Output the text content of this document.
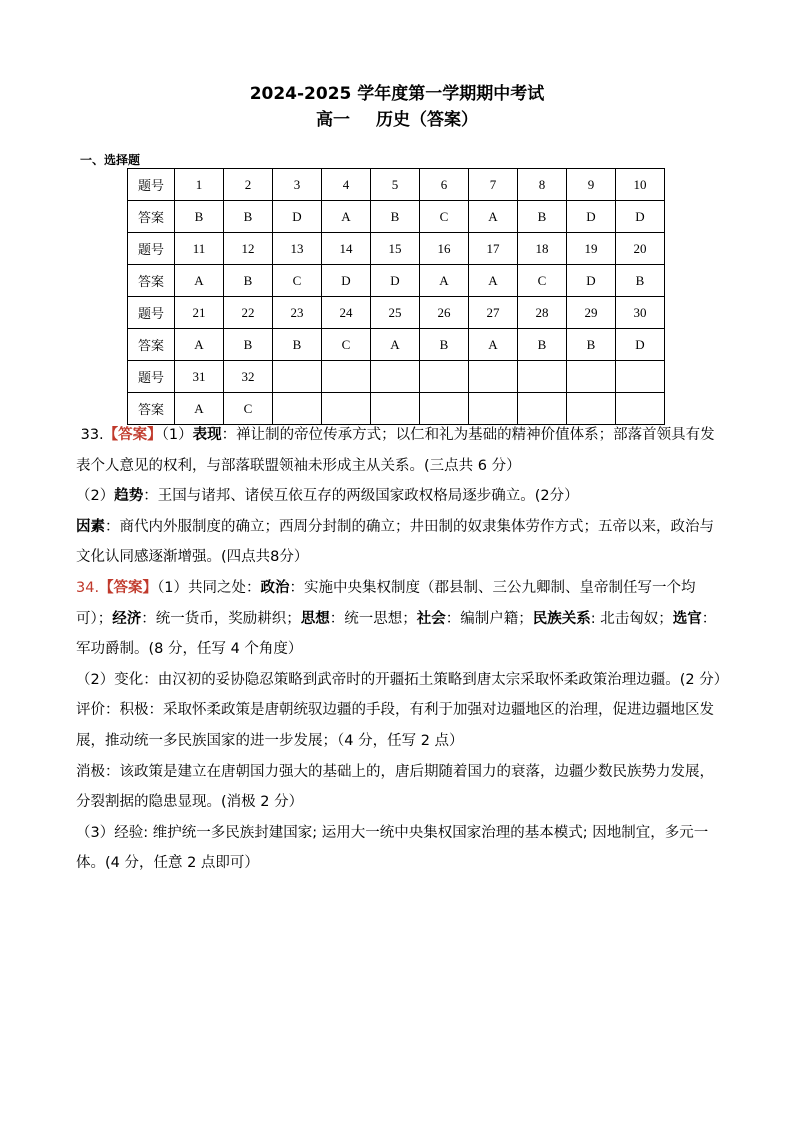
2024-2025 学年度第一学期期中考试
高一 历史（答案）
一、选择题
题号	1	2	3	4	5	6	7	8	9	10
答案	B	B	D	A	B	C	A	B	D	D
题号	11	12	13	14	15	16	17	18	19	20
答案	A	B	C	D	D	A	A	C	D	B
题号	21	22	23	24	25	26	27	28	29	30
答案	A	B	B	C	A	B	A	B	B	D
题号	31	32								
答案	A	C								

33.【答案】（1）表现：禅让制的帝位传承方式；以仁和礼为基础的精神价值体系；部落首领具有发表个人意见的权利，与部落联盟领袖未形成主从关系。(三点共 6 分）

（2）趋势：王国与诸邦、诸侯互依互存的两级国家政权格局逐步确立。(2分）

因素：商代内外服制度的确立；西周分封制的确立；井田制的奴隶集体劳作方式；五帝以来，政治与文化认同感逐渐增强。(四点共8分）

34.【答案】（1）共同之处：政治：实施中央集权制度（郡县制、三公九卿制、皇帝制任写一个均可）；经济：统一货币，奖励耕织；思想：统一思想；社会：编制户籍；民族关系: 北击匈奴；选官：军功爵制。(8 分，任写 4 个角度）

（2）变化：由汉初的妥协隐忍策略到武帝时的开疆拓土策略到唐太宗采取怀柔政策治理边疆。(2 分）

评价：积极：采取怀柔政策是唐朝统驭边疆的手段，有利于加强对边疆地区的治理，促进边疆地区发展，推动统一多民族国家的进一步发展；（4 分，任写 2 点）

消极：该政策是建立在唐朝国力强大的基础上的，唐后期随着国力的衰落，边疆少数民族势力发展，分裂割据的隐患显现。(消极 2 分）

（3）经验: 维护统一多民族封建国家; 运用大一统中央集权国家治理的基本模式; 因地制宜，多元一体。(4 分，任意 2 点即可）
